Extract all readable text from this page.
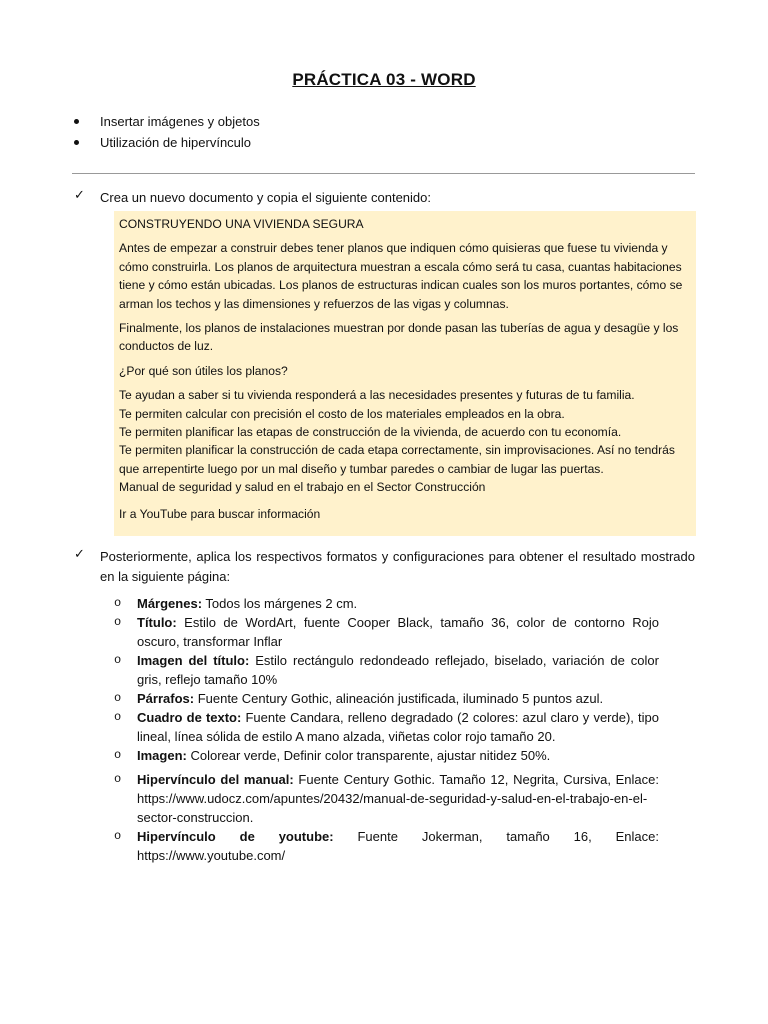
PRÁCTICA 03 - WORD
Insertar imágenes y objetos
Utilización de hipervínculo
✓ Crea un nuevo documento y copia el siguiente contenido:

CONSTRUYENDO UNA VIVIENDA SEGURA

Antes de empezar a construir debes tener planos que indiquen cómo quisieras que fuese tu vivienda y cómo construirla. Los planos de arquitectura muestran a escala cómo será tu casa, cuantas habitaciones tiene y cómo están ubicadas. Los planos de estructuras indican cuales son los muros portantes, cómo se arman los techos y las dimensiones y refuerzos de las vigas y columnas.

Finalmente, los planos de instalaciones muestran por donde pasan las tuberías de agua y desagüe y los conductos de luz.

¿Por qué son útiles los planos?

Te ayudan a saber si tu vivienda responderá a las necesidades presentes y futuras de tu familia.
Te permiten calcular con precisión el costo de los materiales empleados en la obra.
Te permiten planificar las etapas de construcción de la vivienda, de acuerdo con tu economía.
Te permiten planificar la construcción de cada etapa correctamente, sin improvisaciones. Así no tendrás que arrepentirte luego por un mal diseño y tumbar paredes o cambiar de lugar las puertas.
Manual de seguridad y salud en el trabajo en el Sector Construcción

Ir a YouTube para buscar información

✓ Posteriormente, aplica los respectivos formatos y configuraciones para obtener el resultado mostrado en la siguiente página:
o Márgenes: Todos los márgenes 2 cm.
o Título: Estilo de WordArt, fuente Cooper Black, tamaño 36, color de contorno Rojo oscuro, transformar Inflar
o Imagen del título: Estilo rectángulo redondeado reflejado, biselado, variación de color gris, reflejo tamaño 10%
o Párrafos: Fuente Century Gothic, alineación justificada, iluminado 5 puntos azul.
o Cuadro de texto: Fuente Candara, relleno degradado (2 colores: azul claro y verde), tipo lineal, línea sólida de estilo A mano alzada, viñetas color rojo tamaño 20.
o Imagen: Colorear verde, Definir color transparente, ajustar nitidez 50%.
o Hipervínculo del manual: Fuente Century Gothic. Tamaño 12, Negrita, Cursiva, Enlace: https://www.udocz.com/apuntes/20432/manual-de-seguridad-y-salud-en-el-trabajo-en-el-sector-construccion.
o Hipervínculo de youtube: Fuente Jokerman, tamaño 16, Enlace: https://www.youtube.com/
